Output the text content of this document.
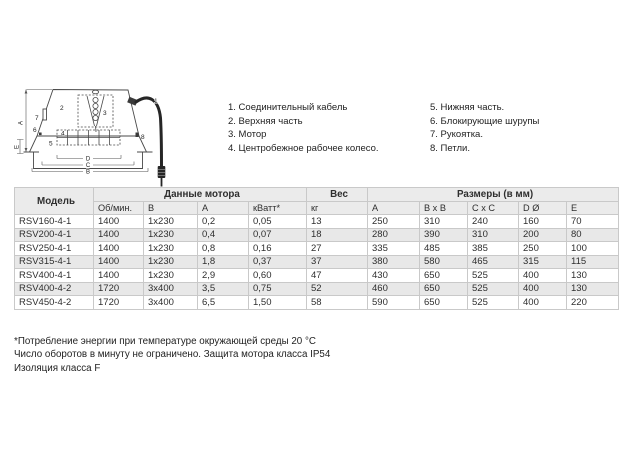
1
2
3
4
5
6
7
8
A
E
D
C
B
1. Соединительный кабель
2. Верхняя часть
3. Мотор
4. Центробежное рабочее колесо.
5. Нижняя часть.
6. Блокирующие шурупы
7. Рукоятка.
8. Петли.
Модель	Данные мотора				Вес	Размеры (в мм)				
	Об/мин.	В	А	кВатт*	кг	A	B x B	C x C	D Ø	E
RSV160-4-1	1400	1x230	0,2	0,05	13	250	310	240	160	70
RSV200-4-1	1400	1x230	0,4	0,07	18	280	390	310	200	80
RSV250-4-1	1400	1x230	0,8	0,16	27	335	485	385	250	100
RSV315-4-1	1400	1x230	1,8	0,37	37	380	580	465	315	115
RSV400-4-1	1400	1x230	2,9	0,60	47	430	650	525	400	130
RSV400-4-2	1720	3x400	3,5	0,75	52	460	650	525	400	130
RSV450-4-2	1720	3x400	6,5	1,50	58	590	650	525	400	220
*Потребление энергии при температуре окружающей среды 20 °C
Число оборотов в минуту не ограничено. Защита мотора класса IP54
Изоляция класса F
